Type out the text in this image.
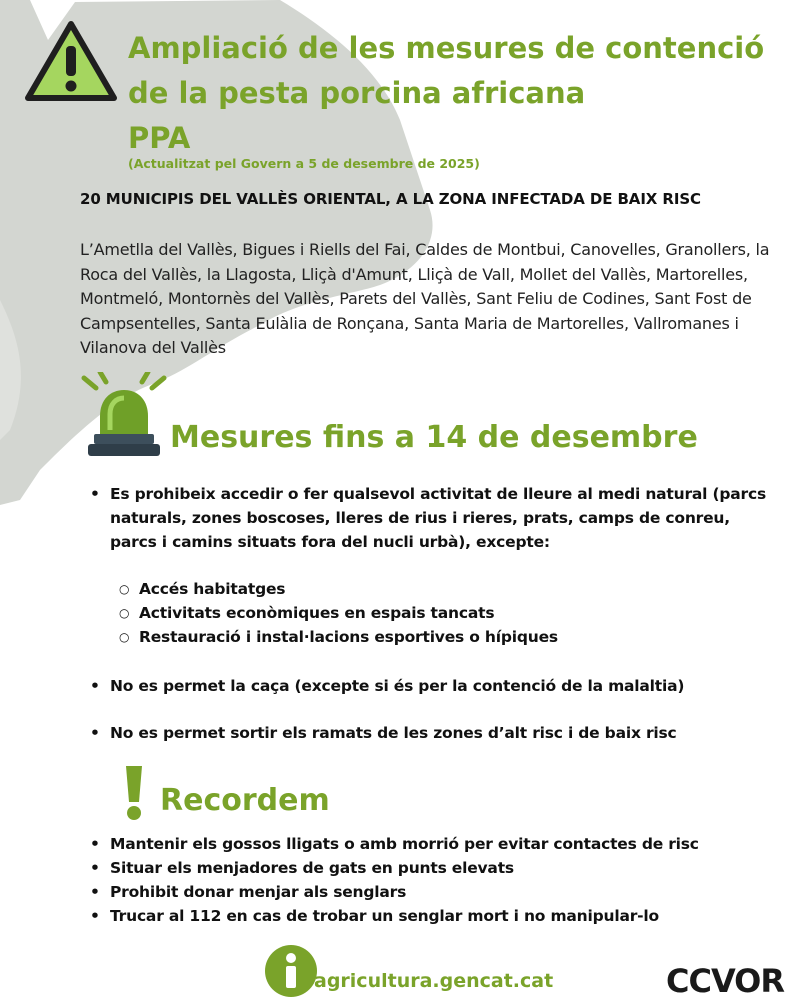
Ampliació de les mesures de contenció
de la pesta porcina africana
PPA
(Actualitzat pel Govern a 5 de desembre de 2025)
20 MUNICIPIS DEL VALLÈS ORIENTAL, A LA ZONA INFECTADA DE BAIX RISC
L’Ametlla del Vallès, Bigues i Riells del Fai, Caldes de Montbui, Canovelles, Granollers, la Roca del Vallès, la Llagosta, Lliçà d'Amunt, Lliçà de Vall, Mollet del Vallès, Martorelles, Montmeló, Montornès del Vallès, Parets del Vallès, Sant Feliu de Codines, Sant Fost de Campsentelles, Santa Eulàlia de Ronçana, Santa Maria de Martorelles, Vallromanes i Vilanova del Vallès
Mesures fins a 14 de desembre
• Es prohibeix accedir o fer qualsevol activitat de lleure al medi natural (parcs naturals, zones boscoses, lleres de rius i rieres, prats, camps de conreu, parcs i camins situats fora del nucli urbà), excepte:
○ Accés habitatges
○ Activitats econòmiques en espais tancats
○ Restauració i instal·lacions esportives o hípiques
• No es permet la caça (excepte si és per la contenció de la malaltia)
• No es permet sortir els ramats de les zones d’alt risc i de baix risc
Recordem
• Mantenir els gossos lligats o amb morrió per evitar contactes de risc
• Situar els menjadores de gats en punts elevats
• Prohibit donar menjar als senglars
• Trucar al 112 en cas de trobar un senglar mort i no manipular-lo
agricultura.gencat.cat	CCVOR
